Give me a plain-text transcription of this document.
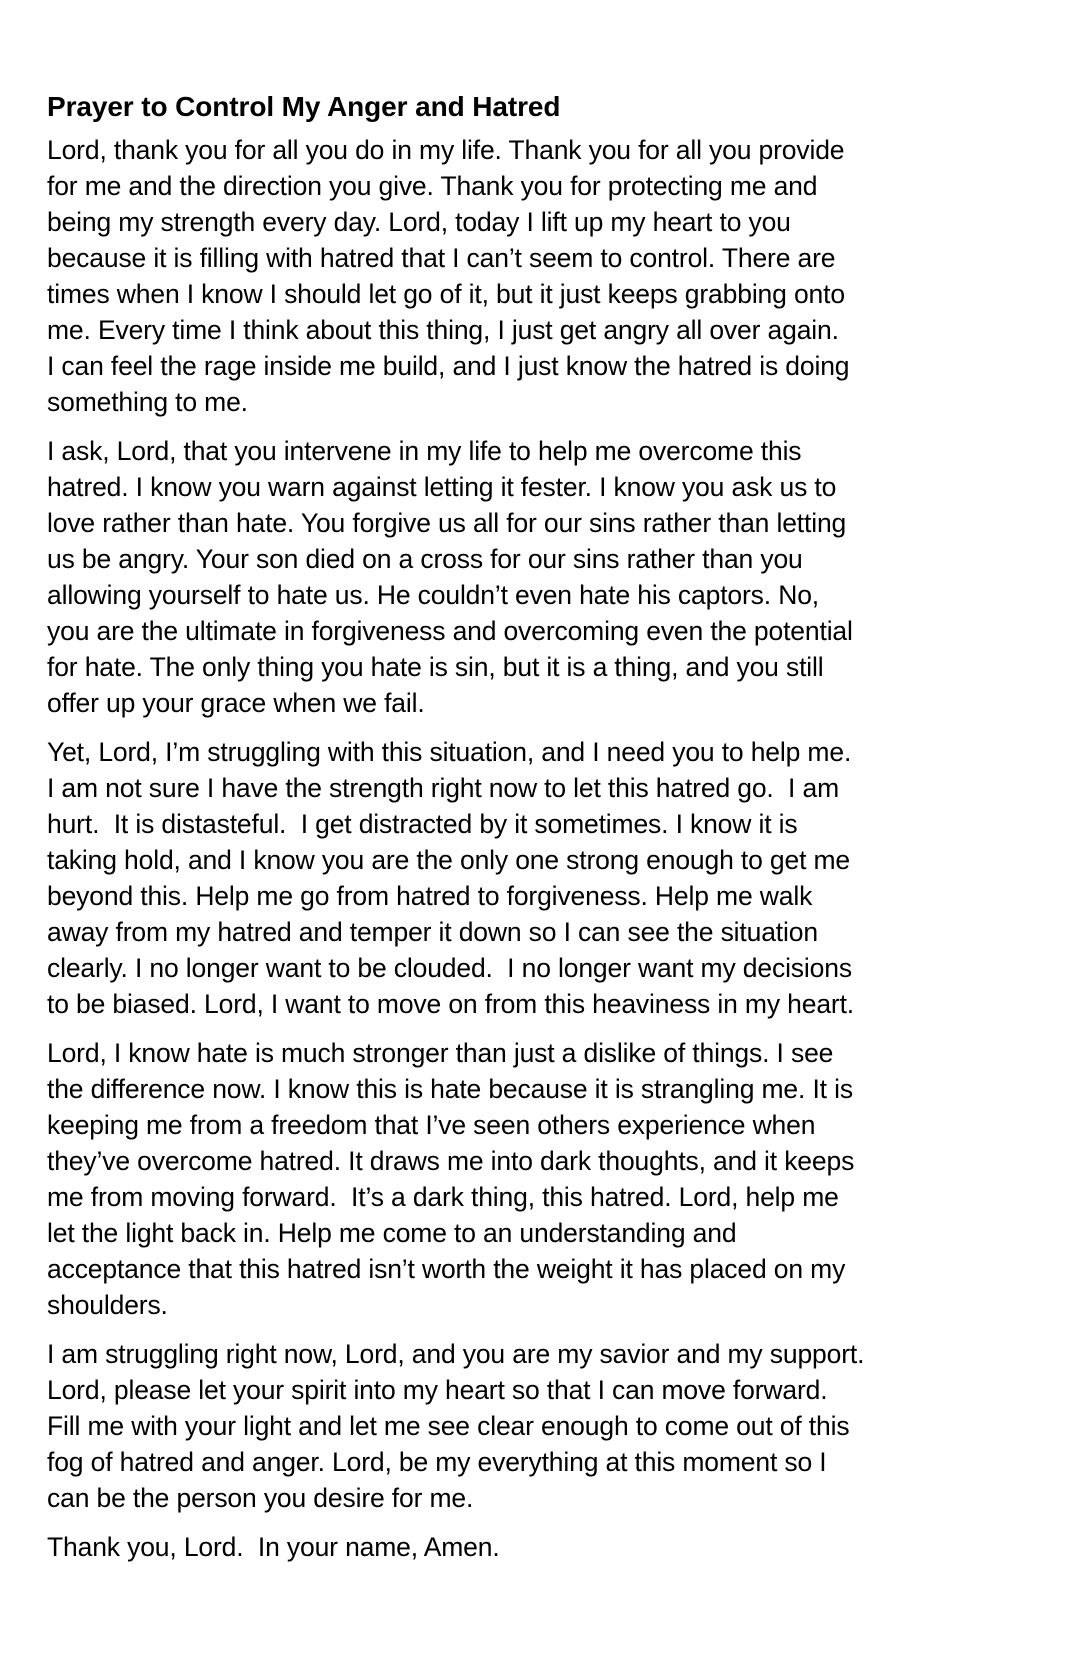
Prayer to Control My Anger and Hatred
Lord, thank you for all you do in my life. Thank you for all you provide
for me and the direction you give. Thank you for protecting me and
being my strength every day. Lord, today I lift up my heart to you
because it is filling with hatred that I can’t seem to control. There are
times when I know I should let go of it, but it just keeps grabbing onto
me. Every time I think about this thing, I just get angry all over again.
I can feel the rage inside me build, and I just know the hatred is doing
something to me.
I ask, Lord, that you intervene in my life to help me overcome this
hatred. I know you warn against letting it fester. I know you ask us to
love rather than hate. You forgive us all for our sins rather than letting
us be angry. Your son died on a cross for our sins rather than you
allowing yourself to hate us. He couldn’t even hate his captors. No,
you are the ultimate in forgiveness and overcoming even the potential
for hate. The only thing you hate is sin, but it is a thing, and you still
offer up your grace when we fail.
Yet, Lord, I’m struggling with this situation, and I need you to help me.
I am not sure I have the strength right now to let this hatred go.  I am
hurt.  It is distasteful.  I get distracted by it sometimes. I know it is
taking hold, and I know you are the only one strong enough to get me
beyond this. Help me go from hatred to forgiveness. Help me walk
away from my hatred and temper it down so I can see the situation
clearly. I no longer want to be clouded.  I no longer want my decisions
to be biased. Lord, I want to move on from this heaviness in my heart.
Lord, I know hate is much stronger than just a dislike of things. I see
the difference now. I know this is hate because it is strangling me. It is
keeping me from a freedom that I’ve seen others experience when
they’ve overcome hatred. It draws me into dark thoughts, and it keeps
me from moving forward.  It’s a dark thing, this hatred. Lord, help me
let the light back in. Help me come to an understanding and
acceptance that this hatred isn’t worth the weight it has placed on my
shoulders.
I am struggling right now, Lord, and you are my savior and my support.
Lord, please let your spirit into my heart so that I can move forward.
Fill me with your light and let me see clear enough to come out of this
fog of hatred and anger. Lord, be my everything at this moment so I
can be the person you desire for me.
Thank you, Lord.  In your name, Amen.
